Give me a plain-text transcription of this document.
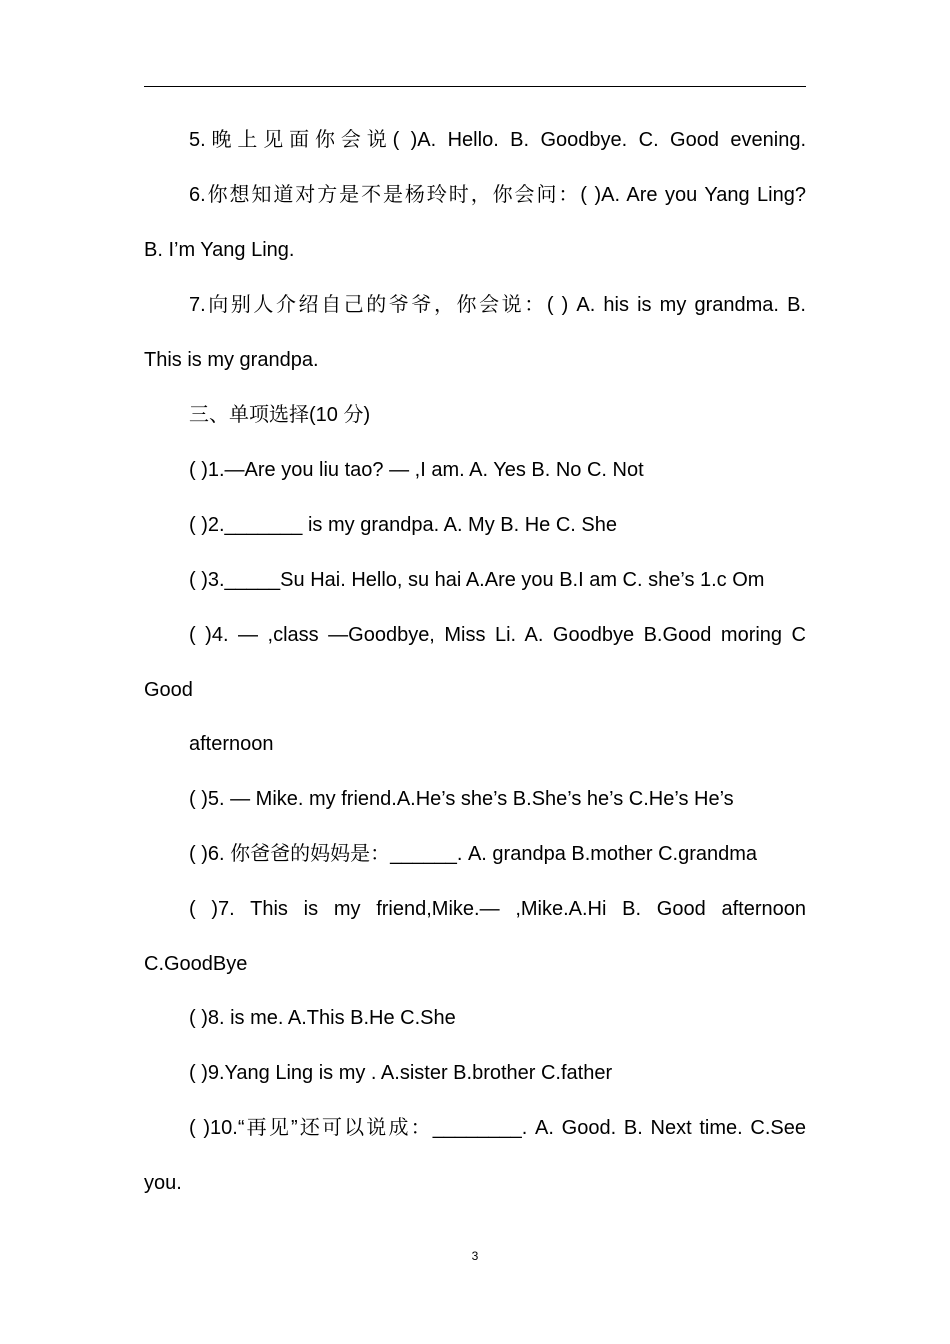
5.晚上见面你会说( )A. Hello. B. Goodbye. C. Good evening.
6.你想知道对方是不是杨玲时，你会问：( )A. Are you Yang Ling?
B. I’m Yang Ling.
7.向别人介绍自己的爷爷，你会说：( ) A. his is my grandma. B.
This is my grandpa.
三、单项选择(10 分)
( )1.—Are you liu tao? — ,I am. A. Yes B. No C. Not
( )2._______ is my grandpa. A. My B. He C. She
( )3._____Su Hai. Hello, su hai A.Are you B.I am C. she’s 1.c Om
( )4. — ,class —Goodbye, Miss Li. A. Goodbye B.Good moring C
Good
afternoon
( )5. — Mike. my friend.A.He’s she’s B.She’s he’s C.He’s He’s
( )6. 你爸爸的妈妈是：______. A. grandpa B.mother C.grandma
( )7. This is my friend,Mike.— ,Mike.A.Hi B. Good afternoon
C.GoodBye
( )8. is me. A.This B.He C.She
( )9.Yang Ling is my . A.sister B.brother C.father
( )10.“再见”还可以说成：________. A. Good. B. Next time. C.See
you.
3
